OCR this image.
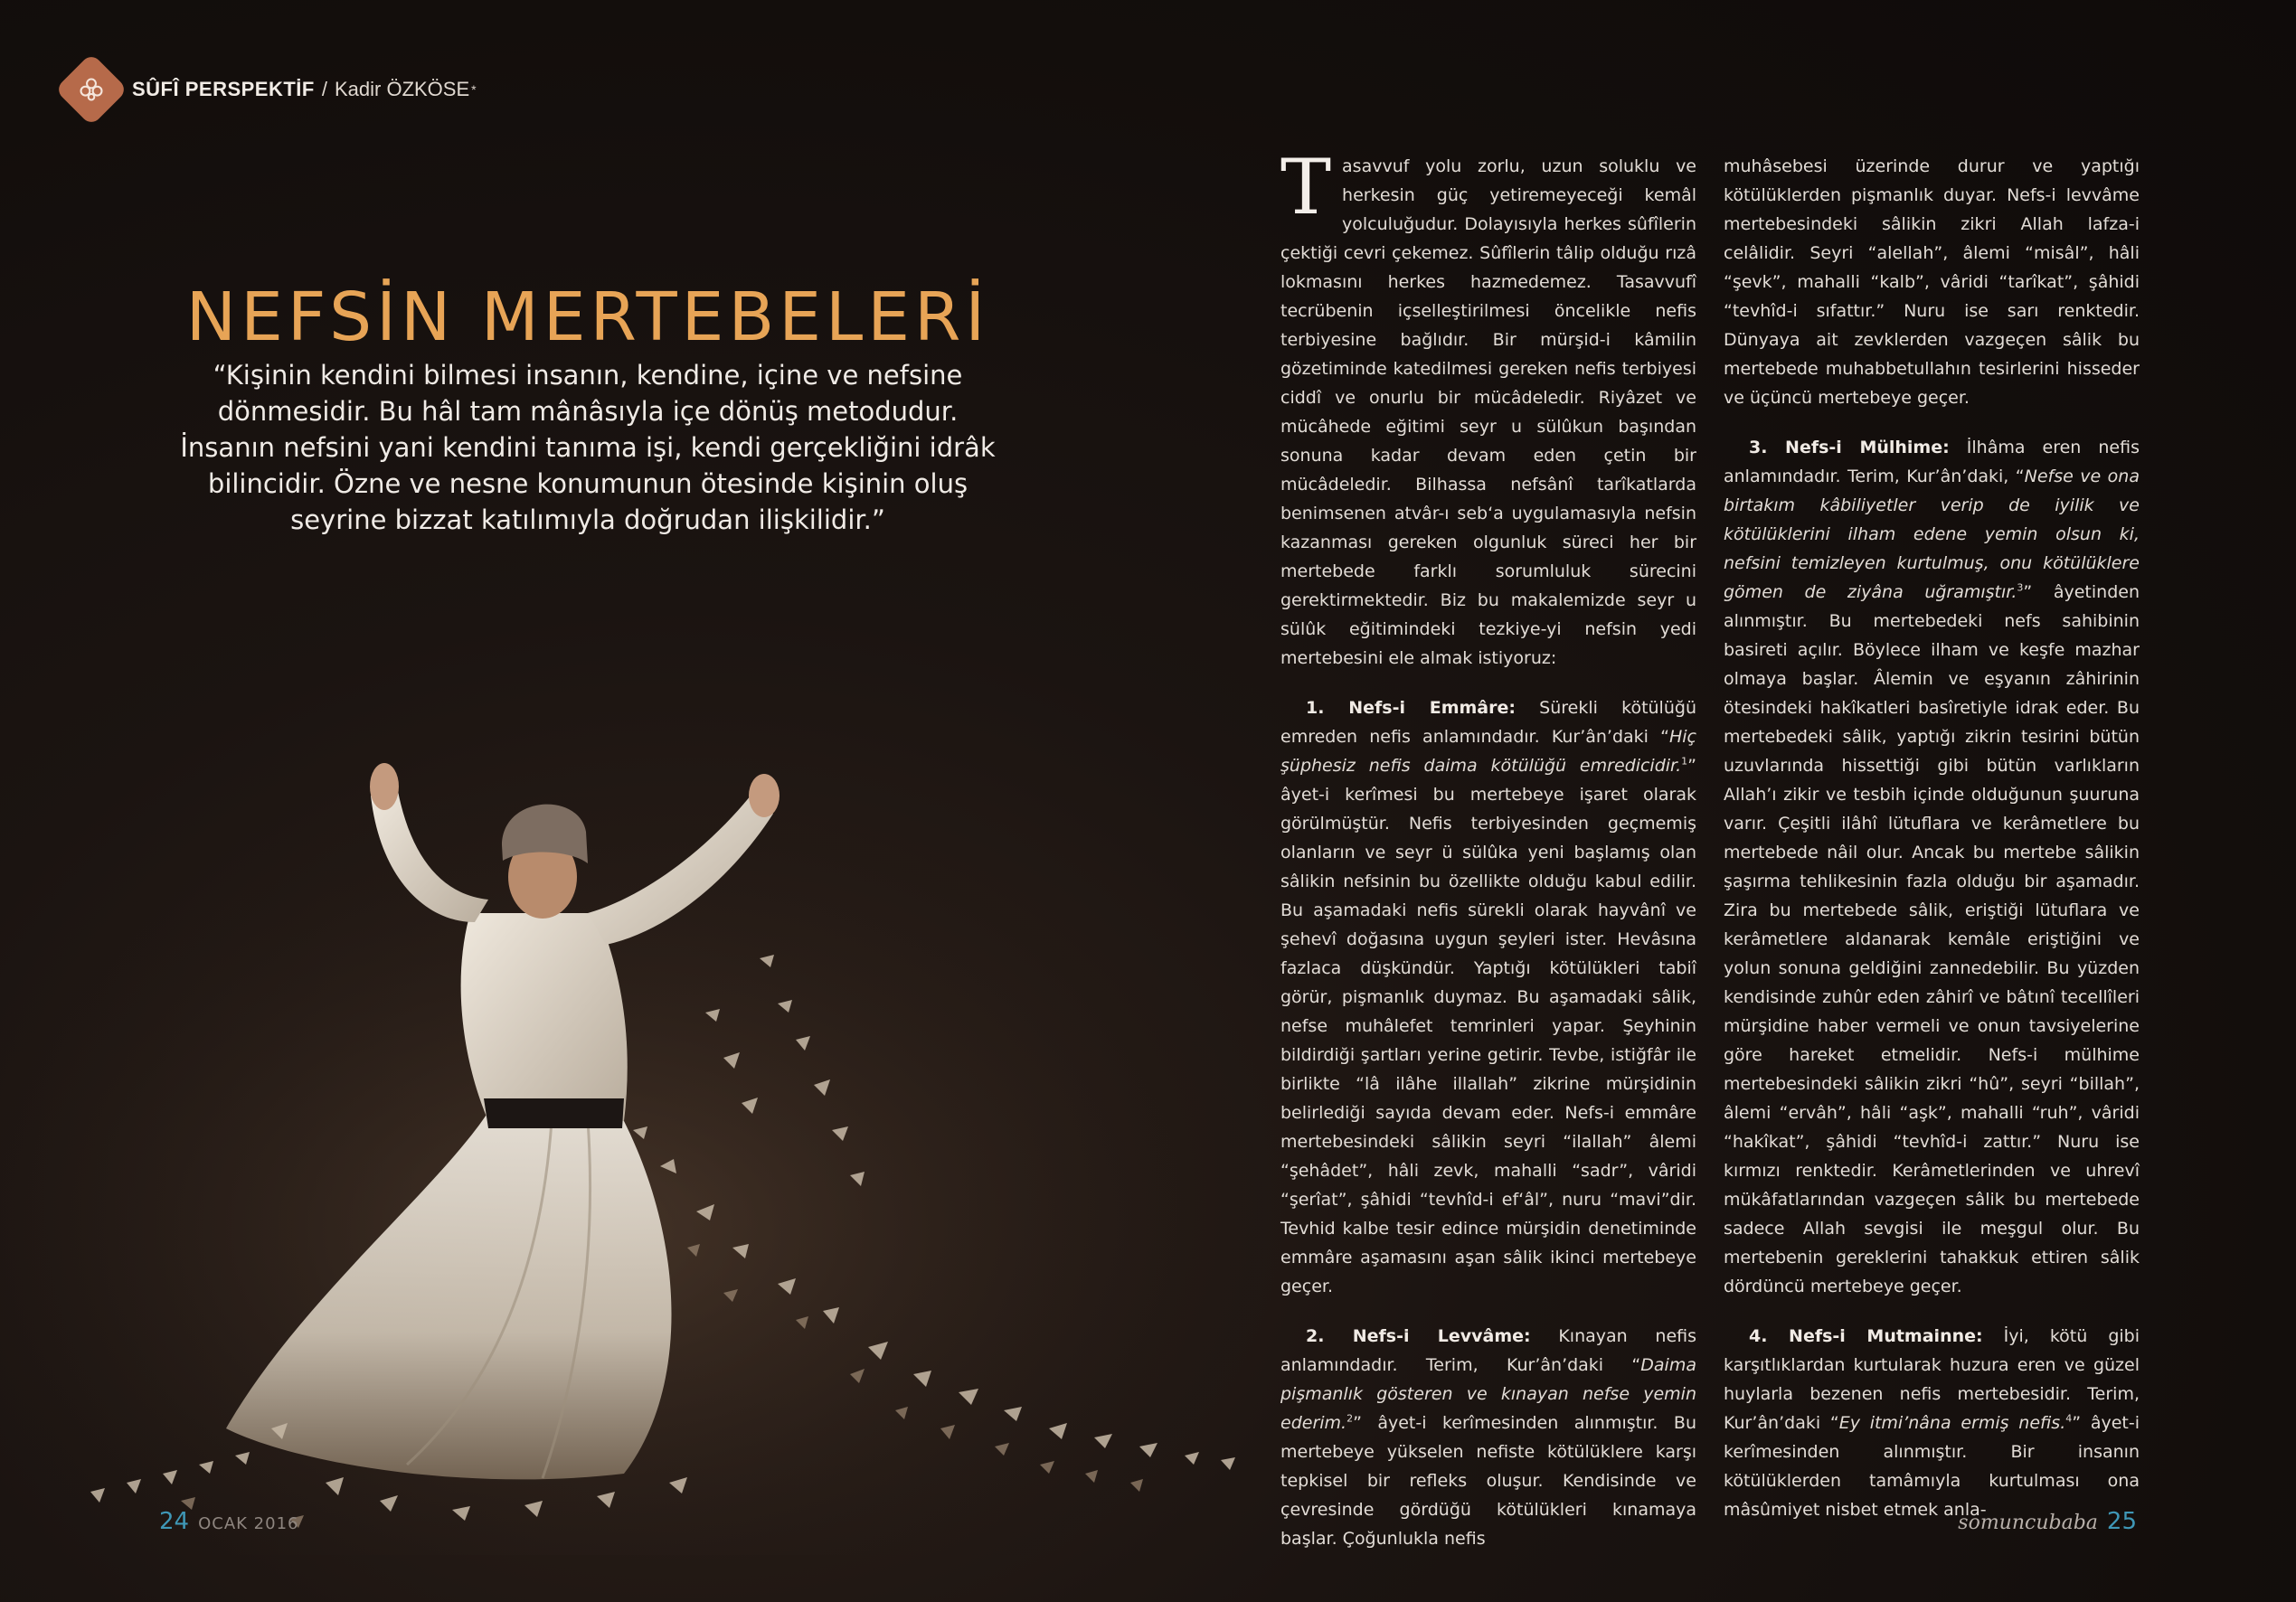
SÛFÎ PERSPEKTİF / Kadir ÖZKÖSE *
NEFSİN MERTEBELERİ
“Kişinin kendini bilmesi insanın, kendine, içine ve nefsine dönmesidir. Bu hâl tam mânâsıyla içe dönüş metodudur. İnsanın nefsini yani kendini tanıma işi, kendi gerçekliğini idrâk bilincidir. Özne ve nesne konumunun ötesinde kişinin oluş seyrine bizzat katılımıyla doğrudan ilişkilidir.”

Tasavvuf yolu zorlu, uzun soluklu ve herkesin güç yetiremeyeceği kemâl yolculuğudur. Dolayısıyla herkes sûfîlerin çektiği cevri çekemez. Sûfîlerin tâlip olduğu rızâ lokmasını herkes hazmedemez. Tasavvufî tecrübenin içselleştirilmesi öncelikle nefis terbiyesine bağlıdır. Bir mürşid-i kâmilin gözetiminde katedilmesi gereken nefis terbiyesi ciddî ve onurlu bir mücâdeledir. Riyâzet ve mücâhede eğitimi seyr u sülûkun başından sonuna kadar devam eden çetin bir mücâdeledir. Bilhassa nefsânî tarîkatlarda benimsenen atvâr-ı seb‘a uygulamasıyla nefsin kazanması gereken olgunluk süreci her bir mertebede farklı sorumluluk sürecini gerektirmektedir. Biz bu makalemizde seyr u sülûk eğitimindeki tezkiye-yi nefsin yedi mertebesini ele almak istiyoruz:

1. Nefs-i Emmâre: Sürekli kötülüğü emreden nefis anlamındadır. Kur’ân’daki “Hiç şüphesiz nefis daima kötülüğü emredicidir.$^1$” âyet-i kerîmesi bu mertebeye işaret olarak görülmüştür. Nefis terbiyesinden geçmemiş olanların ve seyr ü sülûka yeni başlamış olan sâlikin nefsinin bu özellikte olduğu kabul edilir. Bu aşamadaki nefis sürekli olarak hayvânî ve şehevî doğasına uygun şeyleri ister. Hevâsına fazlaca düşkündür. Yaptığı kötülükleri tabiî görür, pişmanlık duymaz. Bu aşamadaki sâlik, nefse muhâlefet temrinleri yapar. Şeyhinin bildirdiği şartları yerine getirir. Tevbe, istiğfâr ile birlikte “lâ ilâhe illallah” zikrine mürşidinin belirlediği sayıda devam eder. Nefs-i emmâre mertebesindeki sâlikin seyri “ilallah” âlemi “şehâdet”, hâli zevk, mahalli “sadr”, vâridi “şerîat”, şâhidi “tevhîd-i ef‘âl”, nuru “mavi”dir. Tevhid kalbe tesir edince mürşidin denetiminde emmâre aşamasını aşan sâlik ikinci mertebeye geçer.

2. Nefs-i Levvâme: Kınayan nefis anlamındadır. Terim, Kur’ân’daki “Daima pişmanlık gösteren ve kınayan nefse yemin ederim.$^2$” âyet-i kerîmesinden alınmıştır. Bu mertebeye yükselen nefiste kötülüklere karşı tepkisel bir refleks oluşur. Kendisinde ve çevresinde gördüğü kötülükleri kınamaya başlar. Çoğunlukla nefis

muhâsebesi üzerinde durur ve yaptığı kötülüklerden pişmanlık duyar. Nefs-i levvâme mertebesindeki sâlikin zikri Allah lafza-i celâlidir. Seyri “alellah”, âlemi “misâl”, hâli “şevk”, mahalli “kalb”, vâridi “tarîkat”, şâhidi “tevhîd-i sıfattır.” Nuru ise sarı renktedir. Dünyaya ait zevklerden vazgeçen sâlik bu mertebede muhabbetullahın tesirlerini hisseder ve üçüncü mertebeye geçer.

3. Nefs-i Mülhime: İlhâma eren nefis anlamındadır. Terim, Kur’ân’daki, “Nefse ve ona birtakım kâbiliyetler verip de iyilik ve kötülüklerini ilham edene yemin olsun ki, nefsini temizleyen kurtulmuş, onu kötülüklere gömen de ziyâna uğramıştır.$^3$” âyetinden alınmıştır. Bu mertebedeki nefs sahibinin basireti açılır. Böylece ilham ve keşfe mazhar olmaya başlar. Âlemin ve eşyanın zâhirinin ötesindeki hakîkatleri basîretiyle idrak eder. Bu mertebedeki sâlik, yaptığı zikrin tesirini bütün uzuvlarında hissettiği gibi bütün varlıkların Allah’ı zikir ve tesbih içinde olduğunun şuuruna varır. Çeşitli ilâhî lütuflara ve kerâmetlere bu mertebede nâil olur. Ancak bu mertebe sâlikin şaşırma tehlikesinin fazla olduğu bir aşamadır. Zira bu mertebede sâlik, eriştiği lütuflara ve kerâmetlere aldanarak kemâle eriştiğini ve yolun sonuna geldiğini zannedebilir. Bu yüzden kendisinde zuhûr eden zâhirî ve bâtınî tecellîleri mürşidine haber vermeli ve onun tavsiyelerine göre hareket etmelidir. Nefs-i mülhime mertebesindeki sâlikin zikri “hû”, seyri “billah”, âlemi “ervâh”, hâli “aşk”, mahalli “ruh”, vâridi “hakîkat”, şâhidi “tevhîd-i zattır.” Nuru ise kırmızı renktedir. Kerâmetlerinden ve uhrevî mükâfatlarından vazgeçen sâlik bu mertebede sadece Allah sevgisi ile meşgul olur. Bu mertebenin gereklerini tahakkuk ettiren sâlik dördüncü mertebeye geçer.

4. Nefs-i Mutmainne: İyi, kötü gibi karşıtlıklardan kurtularak huzura eren ve güzel huylarla bezenen nefis mertebesidir. Terim, Kur’ân’daki “Ey itmi’nâna ermiş nefis.$^4$” âyet-i kerîmesinden alınmıştır. Bir insanın kötülüklerden tamâmıyla kurtulması ona mâsûmiyet nisbet etmek anla-

24 OCAK 2016	somuncubaba 25
